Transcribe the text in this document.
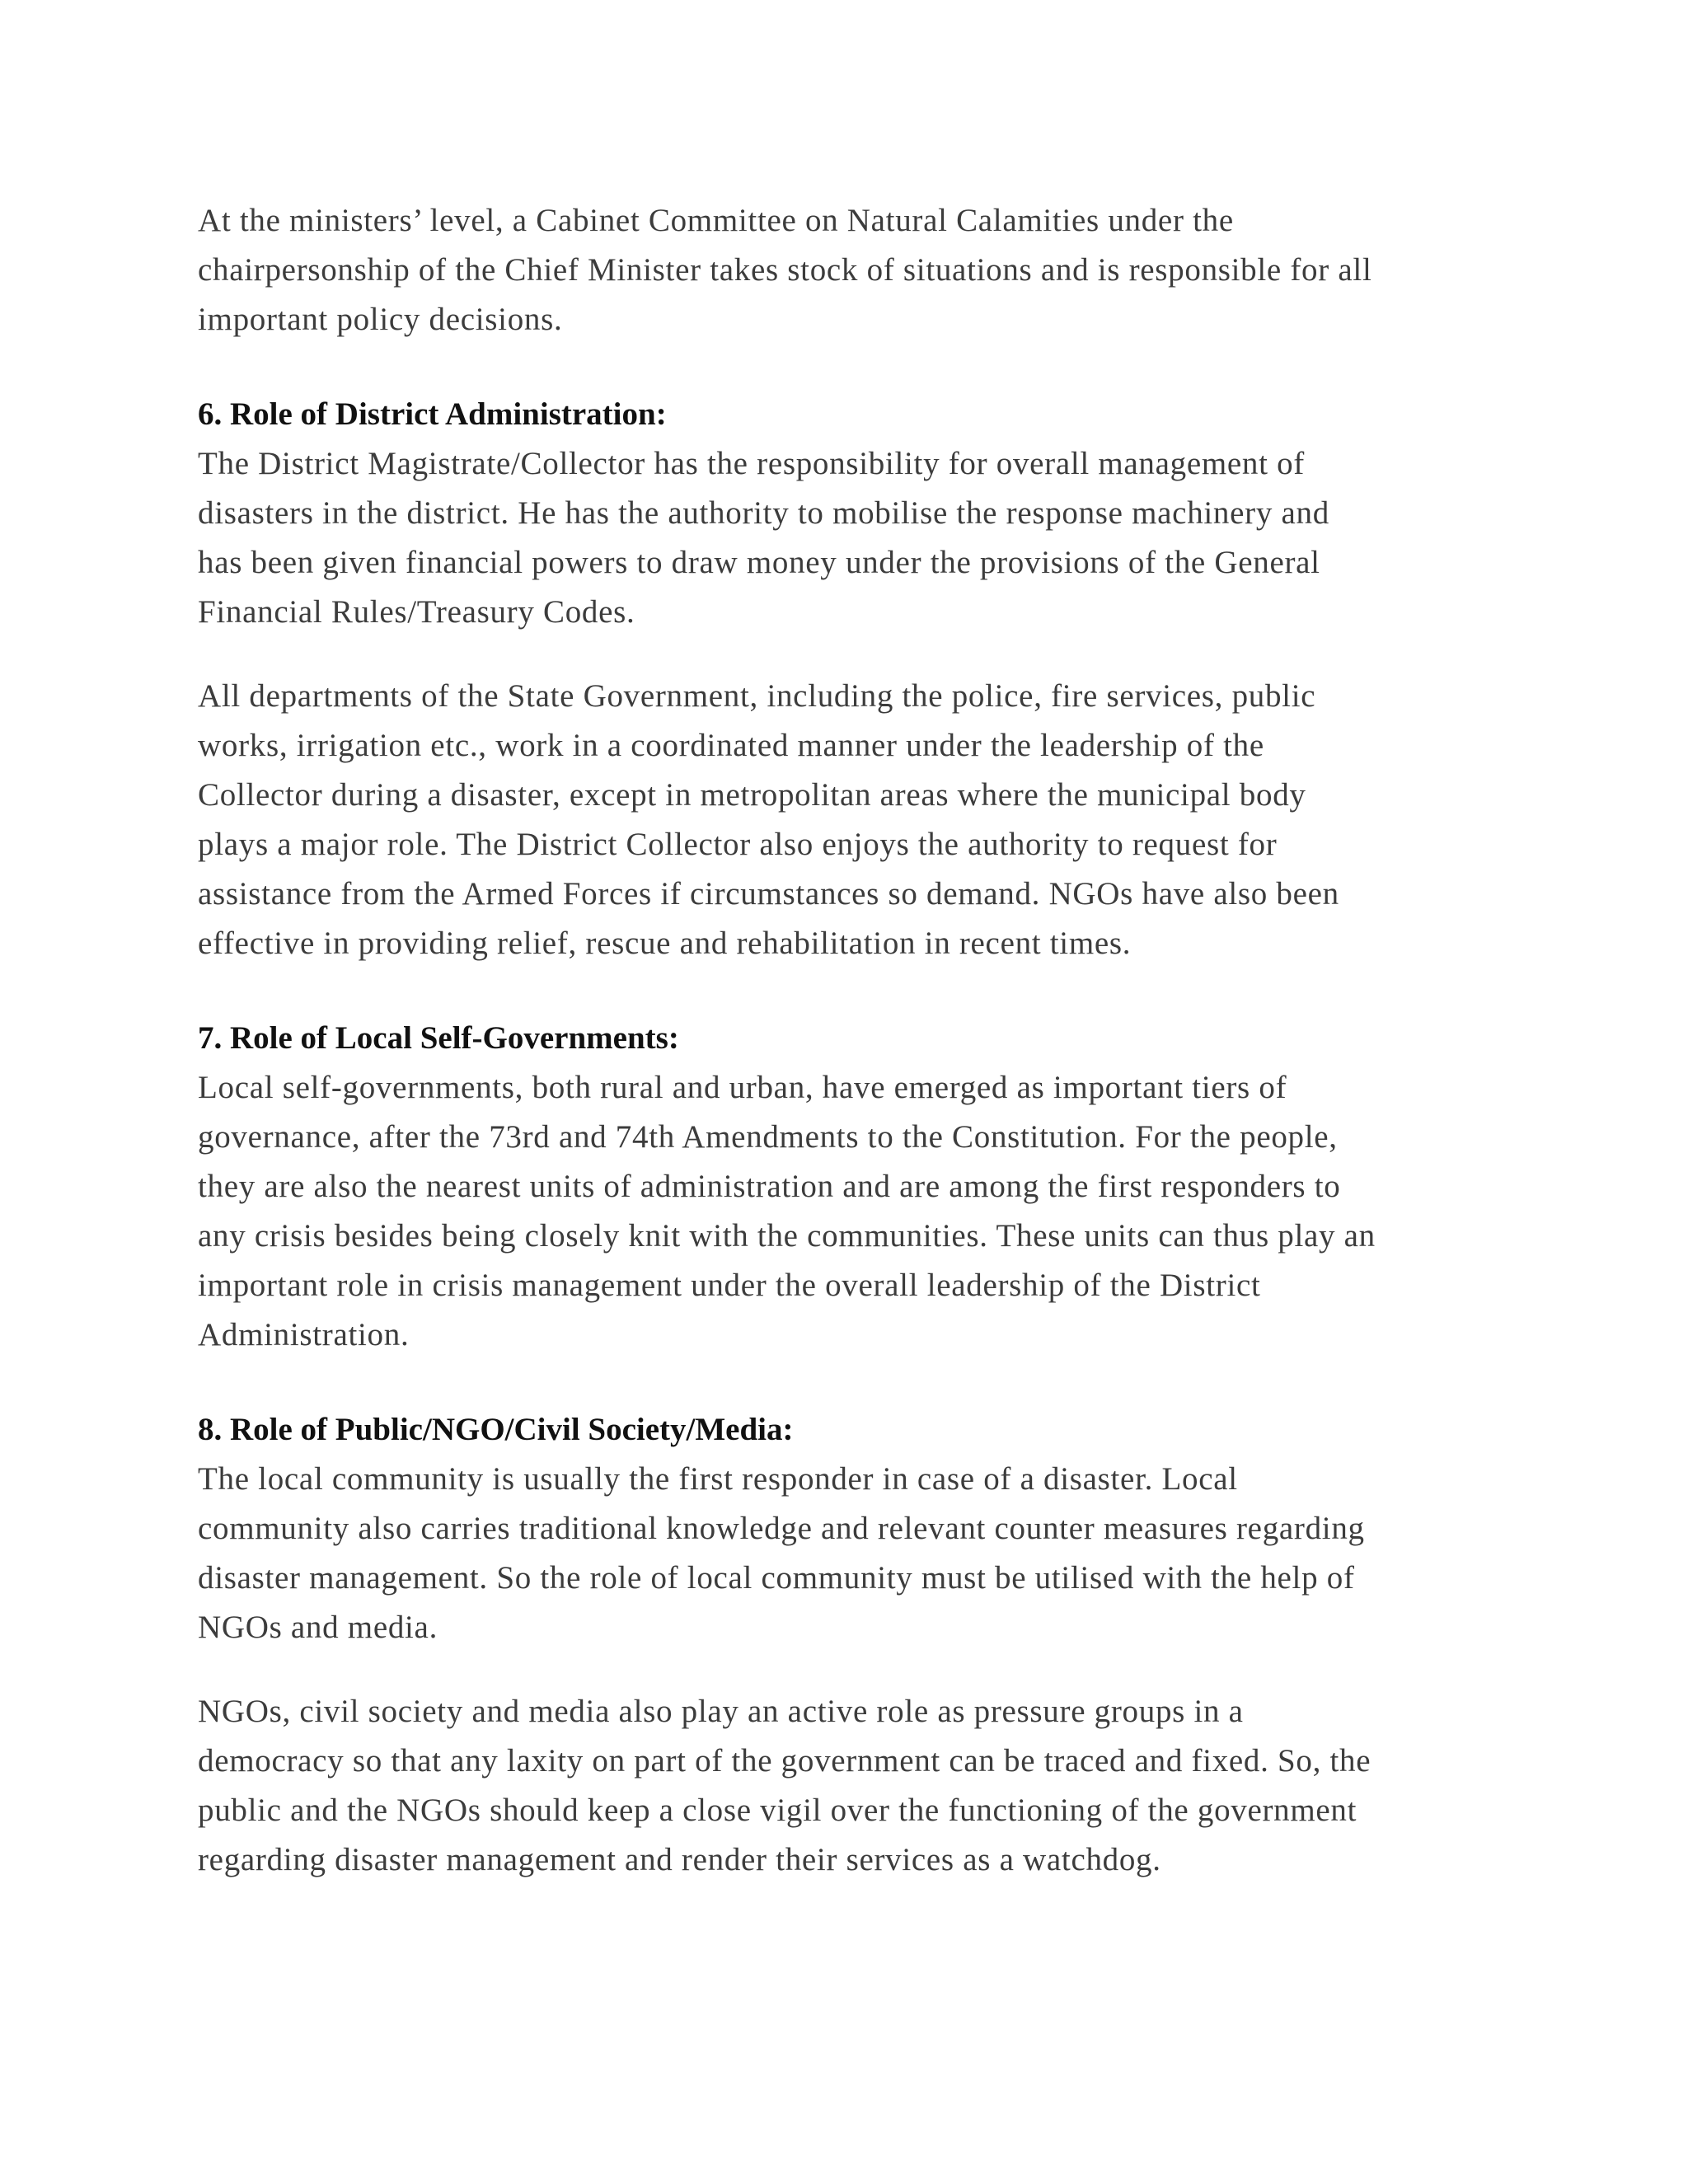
At the ministers’ level, a Cabinet Committee on Natural Calamities under the
chairpersonship of the Chief Minister takes stock of situations and is responsible for all
important policy decisions.

6. Role of District Administration:

The District Magistrate/Collector has the responsibility for overall management of
disasters in the district. He has the authority to mobilise the response machinery and
has been given financial powers to draw money under the provisions of the General
Financial Rules/Treasury Codes.

All departments of the State Government, including the police, fire services, public
works, irrigation etc., work in a coordinated manner under the leadership of the
Collector during a disaster, except in metropolitan areas where the municipal body
plays a major role. The District Collector also enjoys the authority to request for
assistance from the Armed Forces if circumstances so demand. NGOs have also been
effective in providing relief, rescue and rehabilitation in recent times.

7. Role of Local Self-Governments:

Local self-governments, both rural and urban, have emerged as important tiers of
governance, after the 73rd and 74th Amendments to the Constitution. For the people,
they are also the nearest units of administration and are among the first responders to
any crisis besides being closely knit with the communities. These units can thus play an
important role in crisis management under the overall leadership of the District
Administration.

8. Role of Public/NGO/Civil Society/Media:

The local community is usually the first responder in case of a disaster. Local
community also carries traditional knowledge and relevant counter measures regarding
disaster management. So the role of local community must be utilised with the help of
NGOs and media.

NGOs, civil society and media also play an active role as pressure groups in a
democracy so that any laxity on part of the government can be traced and fixed. So, the
public and the NGOs should keep a close vigil over the functioning of the government
regarding disaster management and render their services as a watchdog.
